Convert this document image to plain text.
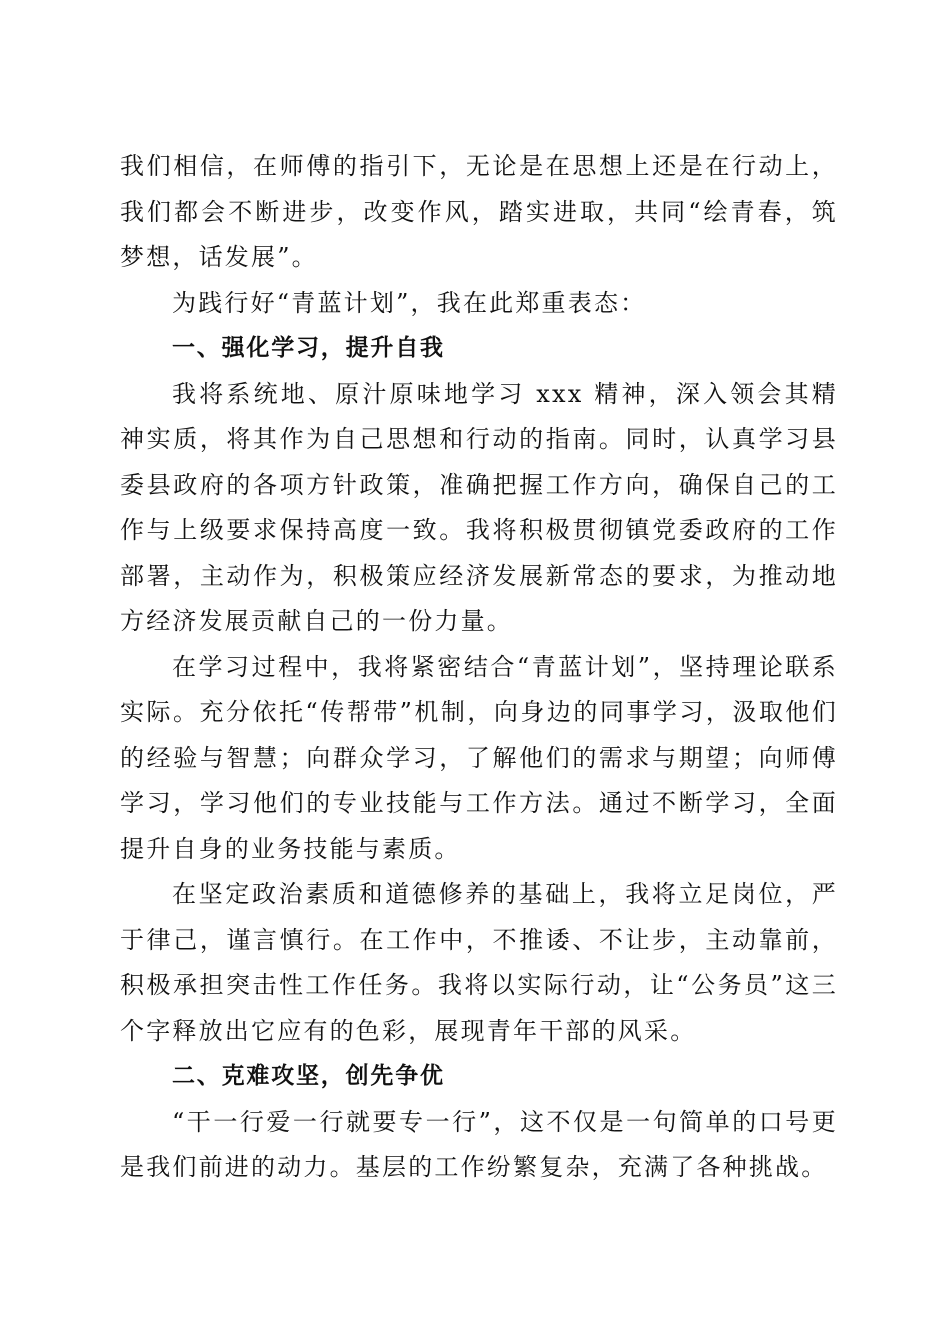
我们相信，在师傅的指引下，无论是在思想上还是在行动上，我们都会不断进步，改变作风，踏实进取，共同“绘青春，筑梦想，话发展”。

为践行好“青蓝计划”，我在此郑重表态：

一、强化学习，提升自我

我将系统地、原汁原味地学习 xxx 精神，深入领会其精神实质，将其作为自己思想和行动的指南。同时，认真学习县委县政府的各项方针政策，准确把握工作方向，确保自己的工作与上级要求保持高度一致。我将积极贯彻镇党委政府的工作部署，主动作为，积极策应经济发展新常态的要求，为推动地方经济发展贡献自己的一份力量。

在学习过程中，我将紧密结合“青蓝计划”，坚持理论联系实际。充分依托“传帮带”机制，向身边的同事学习，汲取他们的经验与智慧；向群众学习，了解他们的需求与期望；向师傅学习，学习他们的专业技能与工作方法。通过不断学习，全面提升自身的业务技能与素质。

在坚定政治素质和道德修养的基础上，我将立足岗位，严于律己，谨言慎行。在工作中，不推诿、不让步，主动靠前，积极承担突击性工作任务。我将以实际行动，让“公务员”这三个字释放出它应有的色彩，展现青年干部的风采。

二、克难攻坚，创先争优

“干一行爱一行就要专一行”，这不仅是一句简单的口号更是我们前进的动力。基层的工作纷繁复杂，充满了各种挑战。
